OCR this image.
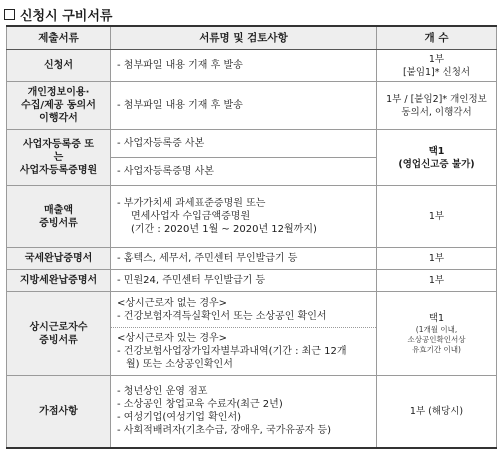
신청시 구비서류
제출서류	서류명 및 검토사항	개 수
신청서	- 첨부파일 내용 기재 후 발송	1부
[붙임1]* 신청서

개인정보이용·
수집/제공 동의서
이행각서	- 첨부파일 내용 기재 후 발송	1부 / [붙임2]* 개인정보
동의서, 이행각서

사업자등록증 또
는
사업자등록증명원	- 사업자등록증 사본	택1
(영업신고증 불가)

	- 사업자등록증명 사본	

매출액
증빙서류	- 부가가치세 과세표준증명원 또는
면세사업자 수입금액증명원
(기간 : 2020년 1월 ~ 2020년 12월까지)	1부
국세완납증명서	- 홈텍스, 세무서, 주민센터 무인발급기 등	1부
지방세완납증명서	- 민원24, 주민센터 무인발급기 등	1부

상시근로자수
증빙서류	<상시근로자 없는 경우>
- 건강보험자격득실확인서 또는 소상공인 확인서	택1
(1개월 이내,
소상공인확인서상
유효기간 이내)

	<상시근로자 있는 경우>
- 건강보험사업장가입자별부과내역(기간 : 최근 12개
월) 또는 소상공인확인서	

가점사항	- 청년상인 운영 점포
- 소상공인 창업교육 수료자(최근 2년)
- 여성기업(여성기업 확인서)
- 사회적배려자(기초수급, 장애우, 국가유공자 등)	1부 (해당시)
